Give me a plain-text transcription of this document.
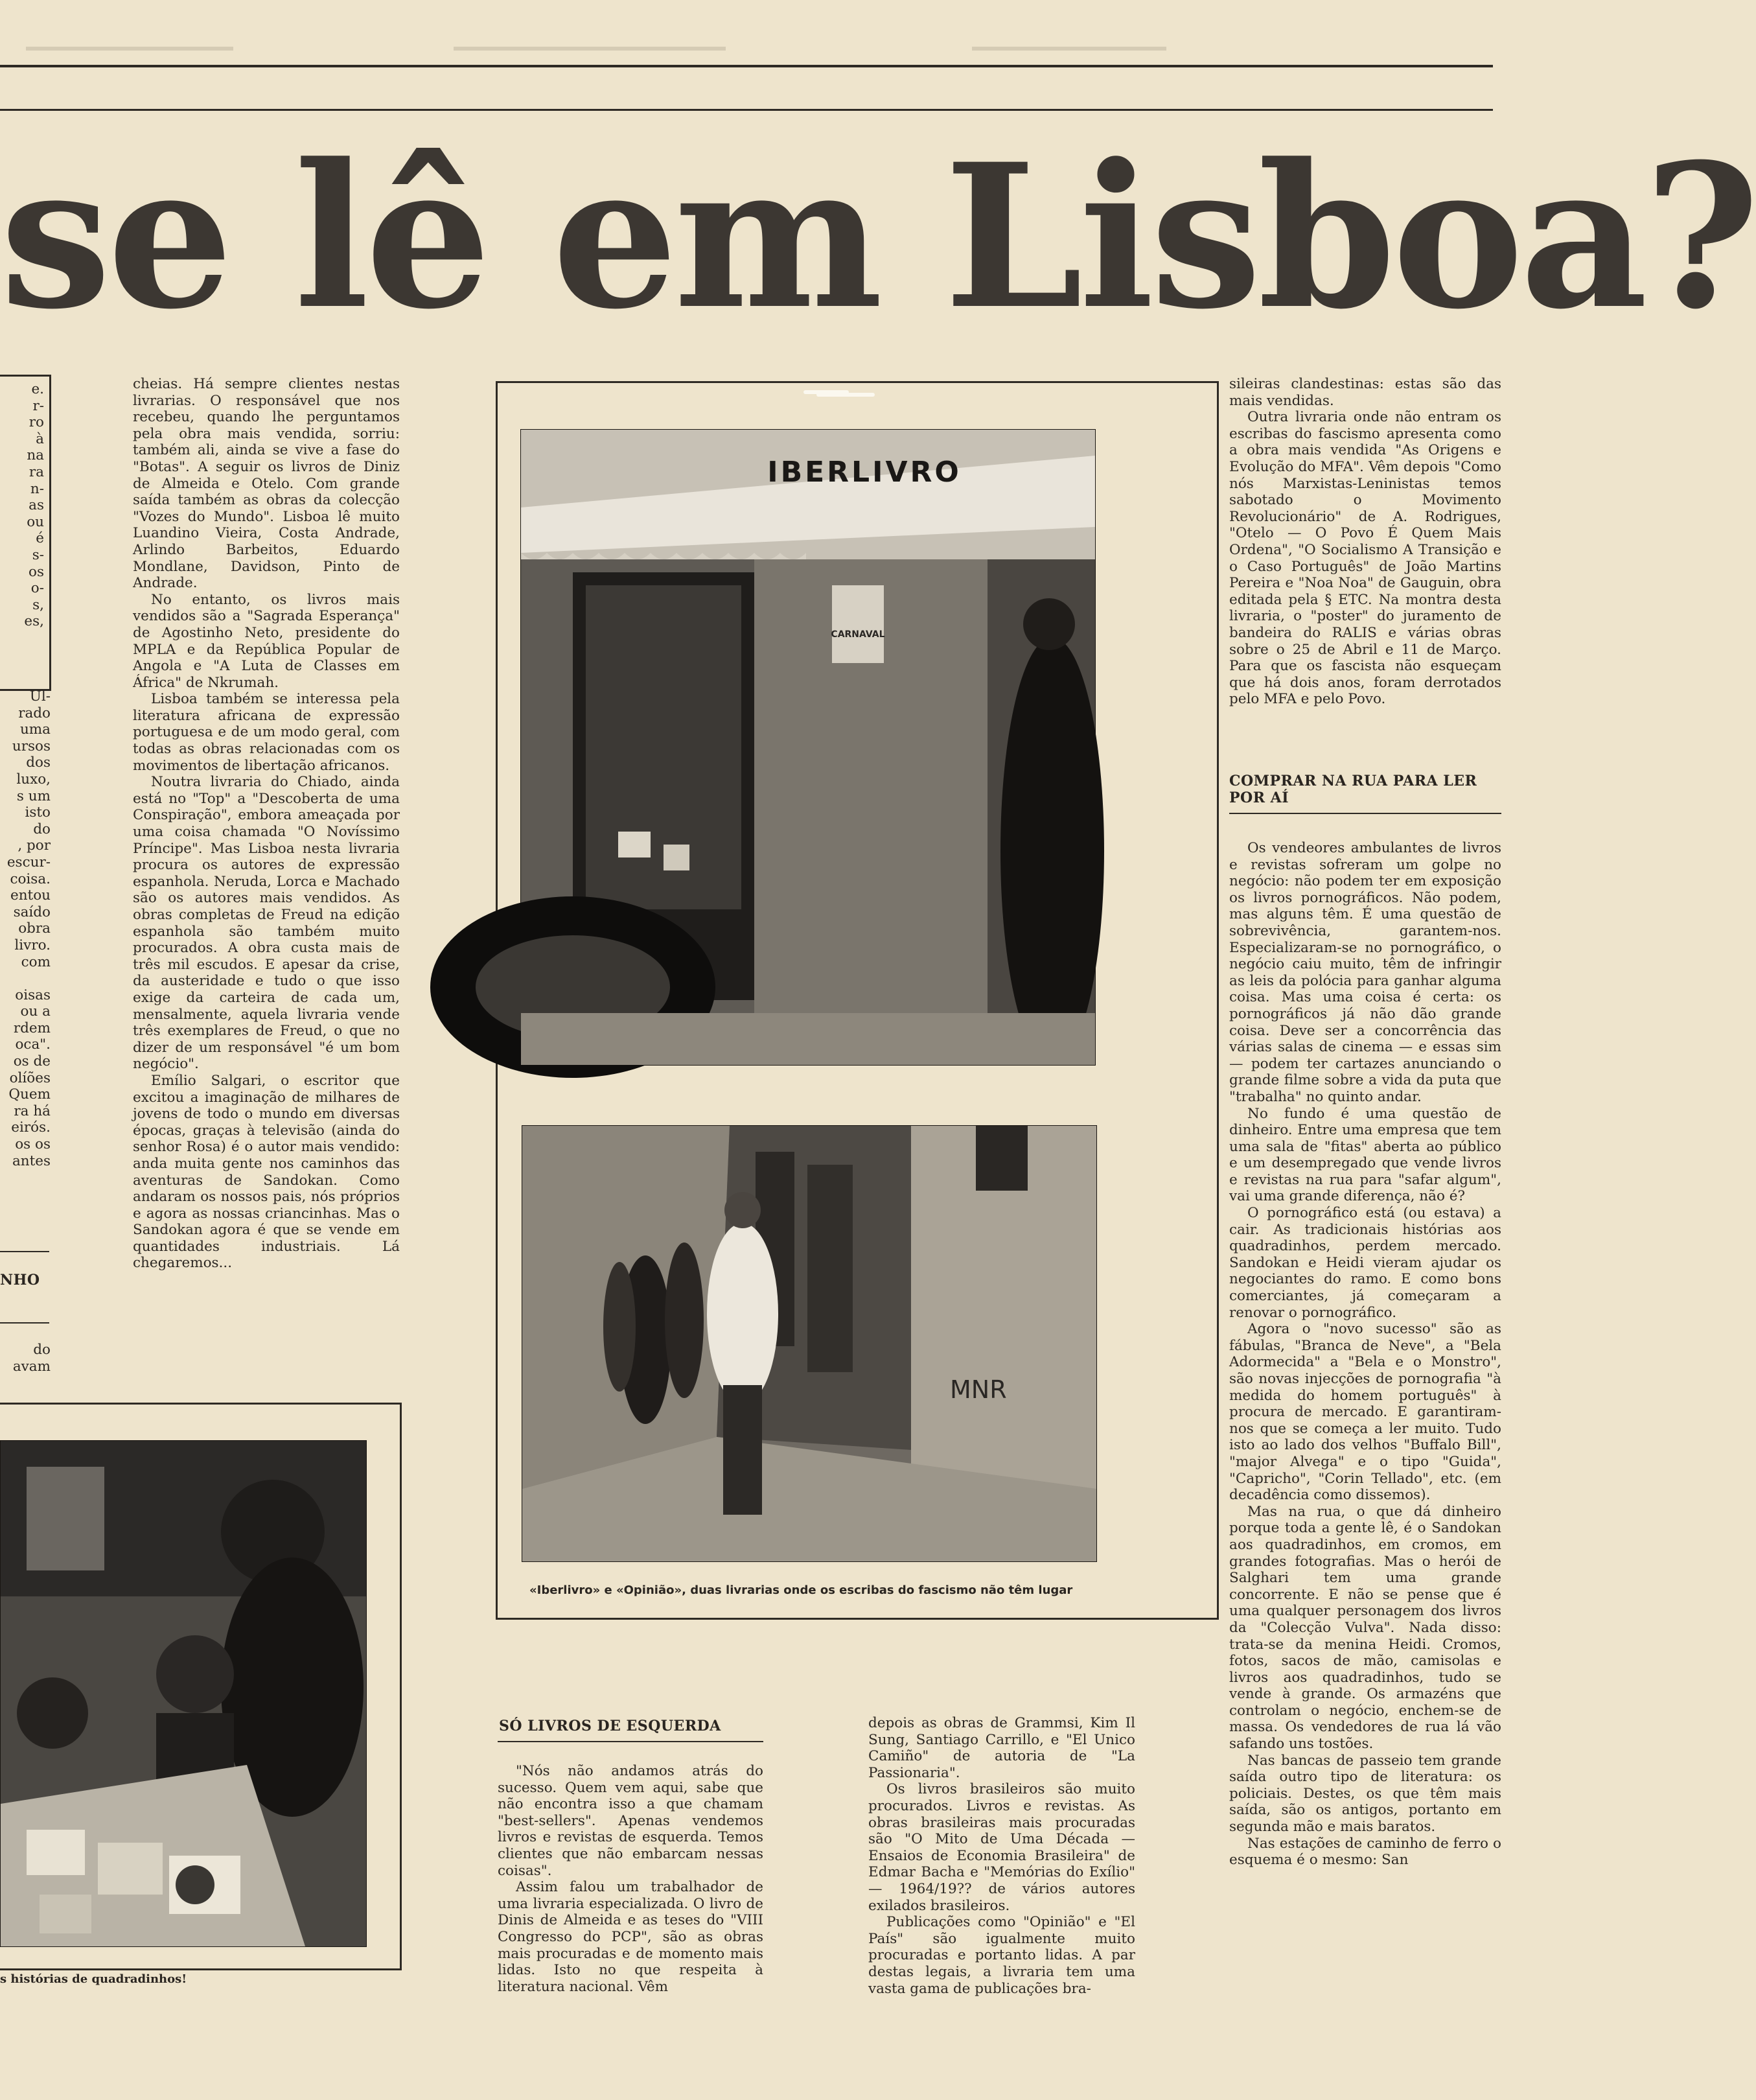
se lê em Lisboa?
e.
r-
ro
à
na
ra
n-
as
ou
é
s-
os
o-
s,
es,
Ul-
rado
uma
ursos
dos
luxo,
s um
isto
do
, por
escur-
coisa.
entou
saído
obra
livro.
com

oisas
ou a
rdem
oca".
os de
olíões
Quem
ra há
eirós.
os os
antes
NHO
do
avam

cheias. Há sempre clientes nestas livrarias. O responsável que nos recebeu, quando lhe perguntamos pela obra mais vendida, sorriu: também ali, ainda se vive a fase do "Botas". A seguir os livros de Diniz de Almeida e Otelo. Com grande saída também as obras da colecção "Vozes do Mundo". Lisboa lê muito Luandino Vieira, Costa Andrade, Arlindo Barbeitos, Eduardo Mondlane, Davidson, Pinto de Andrade.

No entanto, os livros mais vendidos são a "Sagrada Esperança" de Agostinho Neto, presidente do MPLA e da República Popular de Angola e "A Luta de Classes em África" de Nkrumah.

Lisboa também se interessa pela literatura africana de expressão portuguesa e de um modo geral, com todas as obras relacionadas com os movimentos de libertação africanos.

Noutra livraria do Chiado, ainda está no "Top" a "Descoberta de uma Conspiração", embora ameaçada por uma coisa chamada "O Novíssimo Príncipe". Mas Lisboa nesta livraria procura os autores de expressão espanhola. Neruda, Lorca e Machado são os autores mais vendidos. As obras completas de Freud na edição espanhola são também muito procurados. A obra custa mais de três mil escudos. E apesar da crise, da austeridade e tudo o que isso exige da carteira de cada um, mensalmente, aquela livraria vende três exemplares de Freud, o que no dizer de um responsável "é um bom negócio".

Emílio Salgari, o escritor que excitou a imaginação de milhares de jovens de todo o mundo em diversas épocas, graças à televisão (ainda do senhor Rosa) é o autor mais vendido: anda muita gente nos caminhos das aventuras de Sandokan. Como andaram os nossos pais, nós próprios e agora as nossas criancinhas. Mas o Sandokan agora é que se vende em quantidades industriais. Lá chegaremos...

s histórias de quadradinhos!
IBERLIVRO
CARNAVAL
MNR
«Iberlivro» e «Opinião», duas livrarias onde os escribas do fascismo não têm lugar
SÓ LIVROS DE ESQUERDA

"Nós não andamos atrás do sucesso. Quem vem aqui, sabe que não encontra isso a que chamam "best-sellers". Apenas vendemos livros e revistas de esquerda. Temos clientes que não embarcam nessas coisas".

Assim falou um trabalhador de uma livraria especializada. O livro de Dinis de Almeida e as teses do "VIII Congresso do PCP", são as obras mais procuradas e de momento mais lidas. Isto no que respeita à literatura nacional. Vêm

depois as obras de Grammsi, Kim Il Sung, Santiago Carrillo, e "El Unico Camiño" de autoria de "La Passionaria".

Os livros brasileiros são muito procurados. Livros e revistas. As obras brasileiras mais procuradas são "O Mito de Uma Década — Ensaios de Economia Brasileira" de Edmar Bacha e "Memórias do Exílio" — 1964/19?? de vários autores exilados brasileiros.

Publicações como "Opinião" e "El País" são igualmente muito procuradas e portanto lidas. A par destas legais, a livraria tem uma vasta gama de publicações bra-

sileiras clandestinas: estas são das mais vendidas.

Outra livraria onde não entram os escribas do fascismo apresenta como a obra mais vendida "As Origens e Evolução do MFA". Vêm depois "Como nós Marxistas-Leninistas temos sabotado o Movimento Revolucionário" de A. Rodrigues, "Otelo — O Povo É Quem Mais Ordena", "O Socialismo A Transição e o Caso Português" de João Martins Pereira e "Noa Noa" de Gauguin, obra editada pela § ETC. Na montra desta livraria, o "poster" do juramento de bandeira do RALIS e várias obras sobre o 25 de Abril e 11 de Março. Para que os fascista não esqueçam que há dois anos, foram derrotados pelo MFA e pelo Povo.

COMPRAR NA RUA PARA LER
POR AÍ

Os vendeores ambulantes de livros e revistas sofreram um golpe no negócio: não podem ter em exposição os livros pornográficos. Não podem, mas alguns têm. É uma questão de sobrevivência, garantem-nos. Especializaram-se no pornográfico, o negócio caiu muito, têm de infringir as leis da polócia para ganhar alguma coisa. Mas uma coisa é certa: os pornográficos já não dão grande coisa. Deve ser a concorrência das várias salas de cinema — e essas sim — podem ter cartazes anunciando o grande filme sobre a vida da puta que "trabalha" no quinto andar.

No fundo é uma questão de dinheiro. Entre uma empresa que tem uma sala de "fitas" aberta ao público e um desempregado que vende livros e revistas na rua para "safar algum", vai uma grande diferença, não é?

O pornográfico está (ou estava) a cair. As tradicionais histórias aos quadradinhos, perdem mercado. Sandokan e Heidi vieram ajudar os negociantes do ramo. E como bons comerciantes, já começaram a renovar o pornográfico.

Agora o "novo sucesso" são as fábulas, "Branca de Neve", a "Bela Adormecida" a "Bela e o Monstro", são novas injecções de pornografia "à medida do homem português" à procura de mercado. E garantiram-nos que se começa a ler muito. Tudo isto ao lado dos velhos "Buffalo Bill", "major Alvega" e o tipo "Guida", "Capricho", "Corin Tellado", etc. (em decadência como dissemos).

Mas na rua, o que dá dinheiro porque toda a gente lê, é o Sandokan aos quadradinhos, em cromos, em grandes fotografias. Mas o herói de Salghari tem uma grande concorrente. E não se pense que é uma qualquer personagem dos livros da "Colecção Vulva". Nada disso: trata-se da menina Heidi. Cromos, fotos, sacos de mão, camisolas e livros aos quadradinhos, tudo se vende à grande. Os armazéns que controlam o negócio, enchem-se de massa. Os vendedores de rua lá vão safando uns tostões.

Nas bancas de passeio tem grande saída outro tipo de literatura: os policiais. Destes, os que têm mais saída, são os antigos, portanto em segunda mão e mais baratos.

Nas estações de caminho de ferro o esquema é o mesmo: San
